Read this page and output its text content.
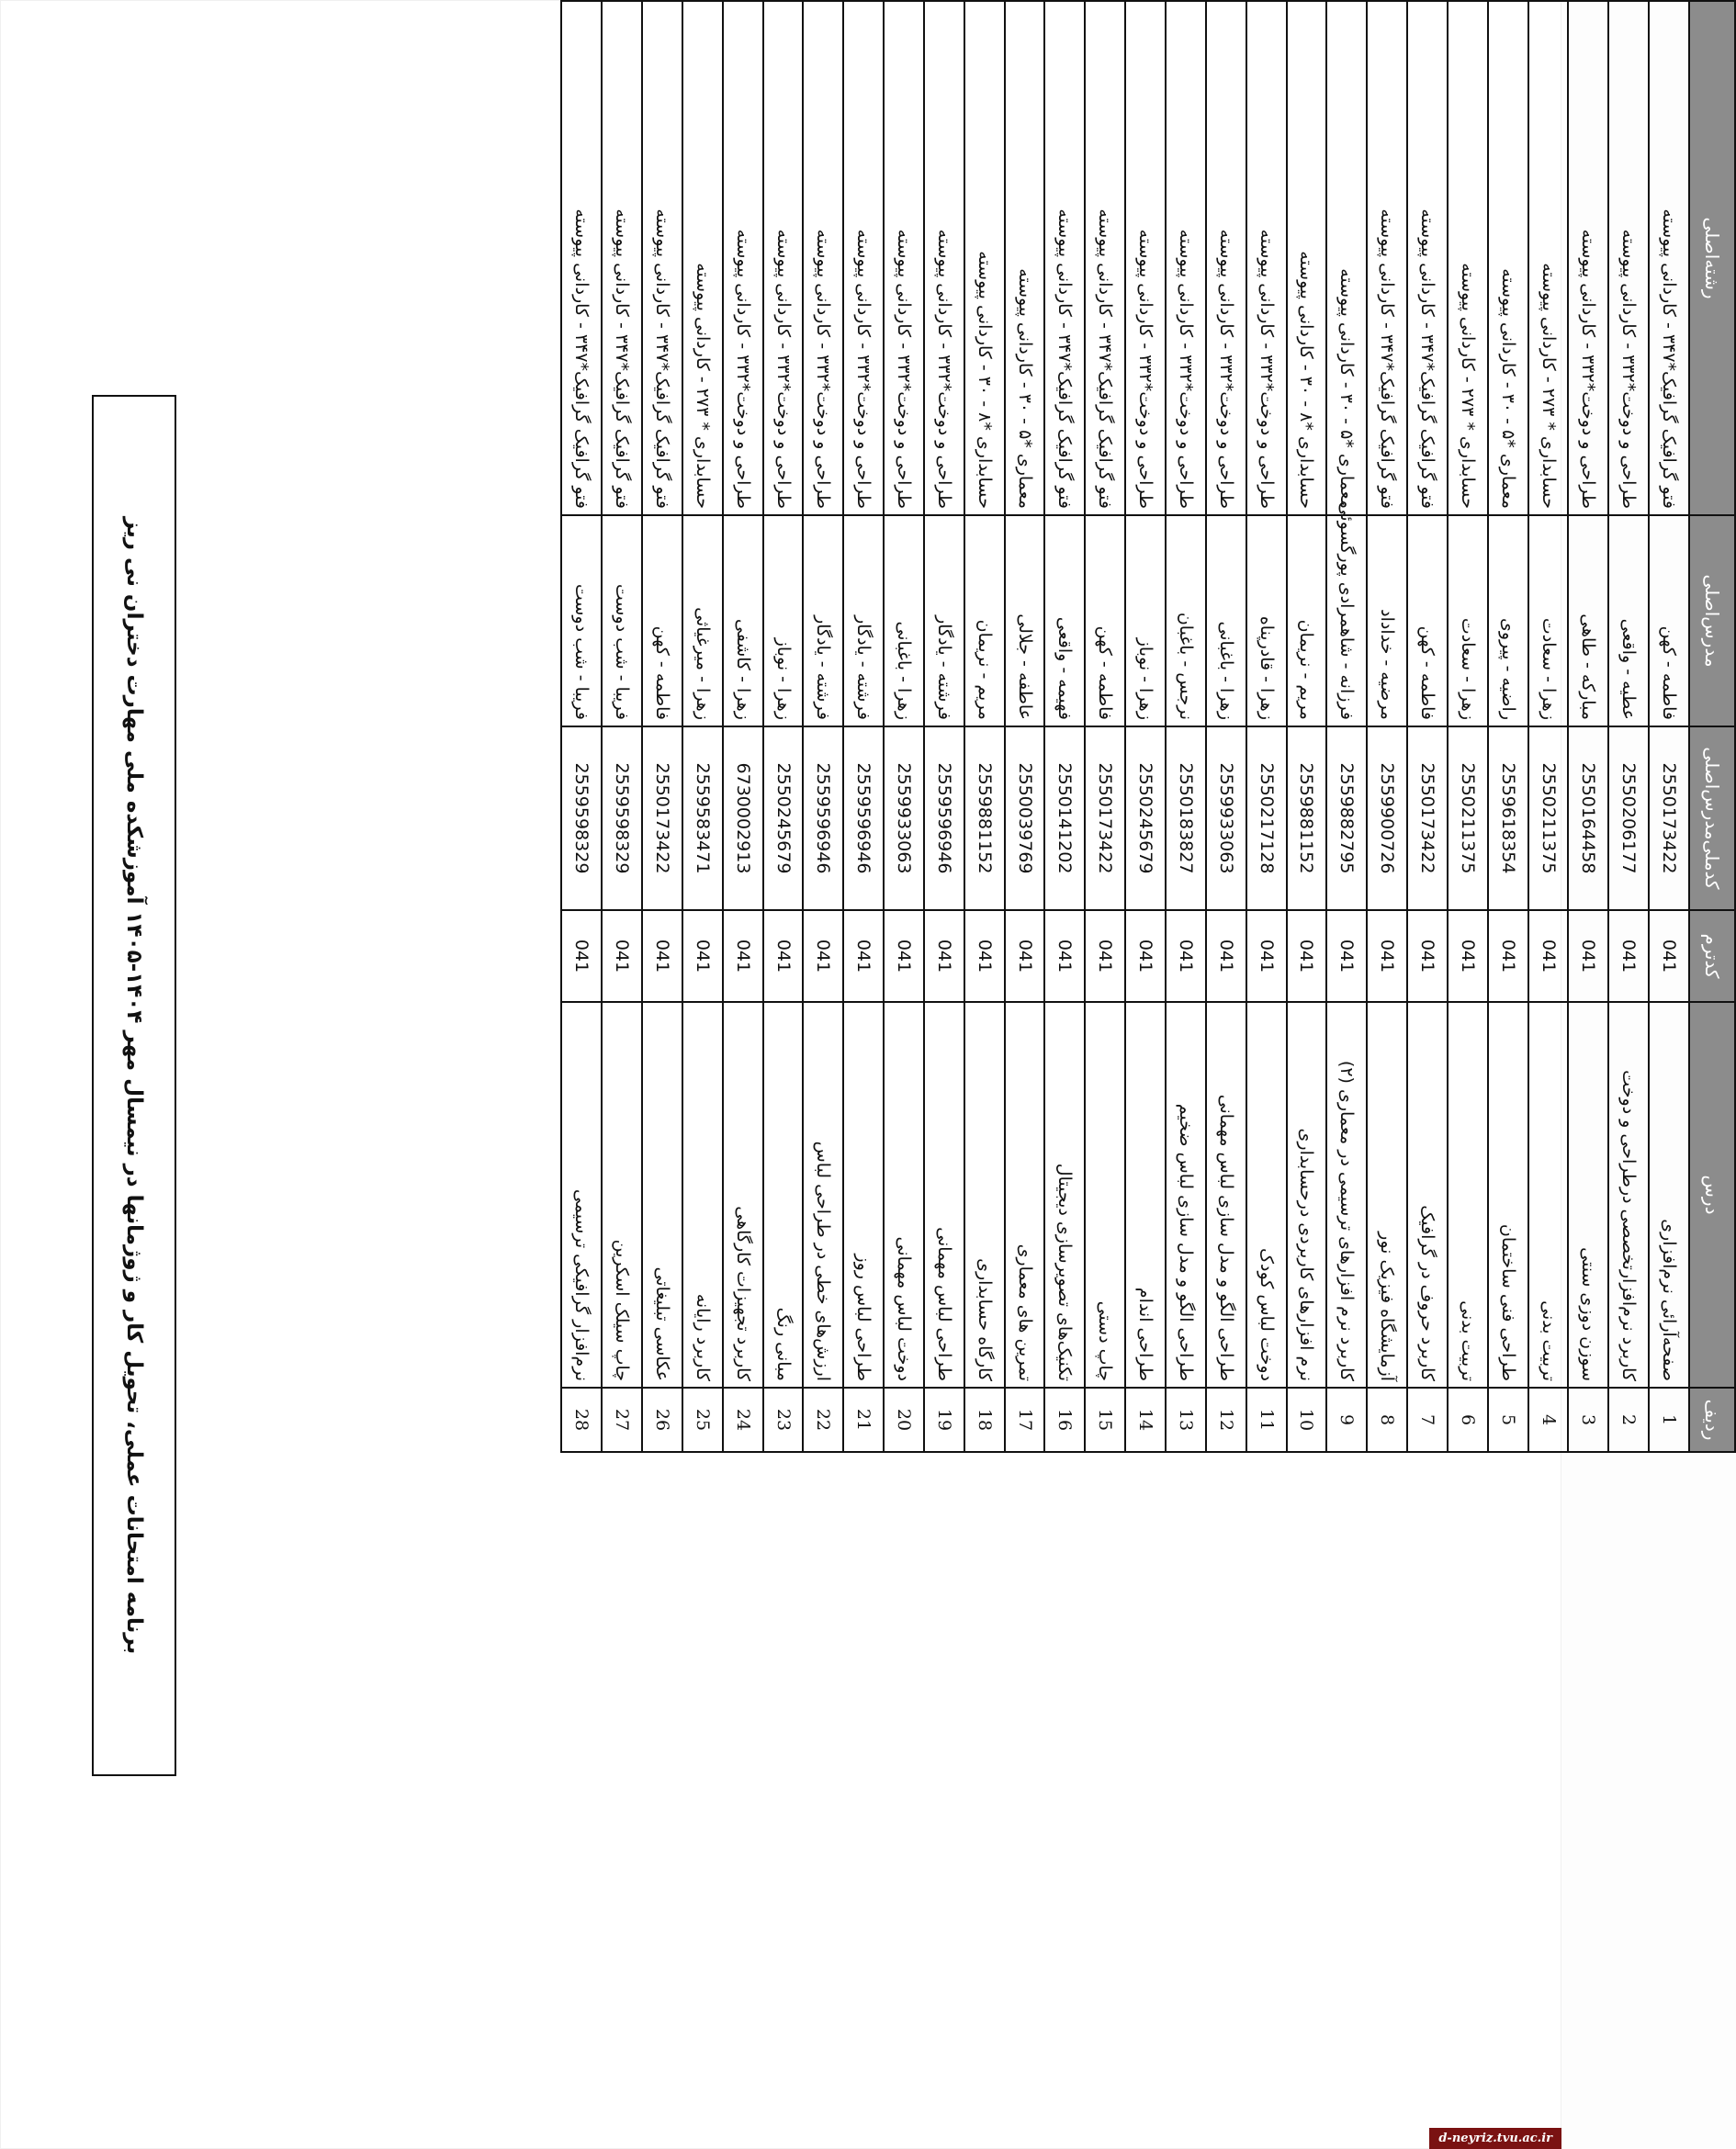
برنامه امتحانات عملی، تحویل کار و ژوژمانها در نیمسال مهر ۱۴۰۴-۱۴۰۵ آموزشکده ملی مهارت دختران نی ریز	ردیف	درس	کدترم	کدملی‌مدرس‌اصلی	مدرس‌اصلی	رشته‌اصلی	
1	صفحه‌آرائی نرم‌افزاری	041	2550173422	فاطمه - کهن	فتو گرافیک گرافیک*۳۴۷ - کاردانی پیوسته	
2	کاربرد نرم‌افزارتخصصی درطراحی و دوخت	041	2550206177	عطیه - واقعی	طراحی و دوخت*۳۳۲ - کاردانی پیوسته	
3	سوزن دوزی سنتی	041	2550164458	مبارکه - طاهی	طراحی و دوخت*۳۳۲ - کاردانی پیوسته	
4	تربیت بدنی	041	2550211375	زهرا - سعادت	حسابداری * ۲۷۳ - کاردانی پیوسته	
5	طراحی فنی ساختمان	041	2559618354	راضیه - پیروی	معماری *۵ - ۳۰ - کاردانی پیوسته	
6	تربیت بدنی	041	2550211375	زهرا - سعادت	حسابداری * ۲۷۳ - کاردانی پیوسته	
7	کاربرد حروف در گرافیک	041	2550173422	فاطمه - کهن	فتو گرافیک گرافیک*۳۴۷ - کاردانی پیوسته	
8	آزمایشگاه فیزیک نور	041	2559900726	مرضیه - خداداد	فتو گرافیک گرافیک*۳۴۷ - کاردانی پیوسته	
9	کاربرد نرم افزارهای ترسیمی در معماری (۲)	041	2559882795	فرزانه - شاهمرادی پورگسوئی	معماری *۵ - ۳۰ - کاردانی پیوسته	
10	نرم افزارهای کاربردی درحسابداری	041	2559881152	مریم - نریمان	حسابداری *۸ - ۳۰ - کاردانی پیوسته	
11	دوخت لباس کودک	041	2550217128	زهرا - قادرپناه	طراحی و دوخت*۳۳۲ - کاردانی پیوسته	
12	طراحی الگو و مدل سازی لباس مهمانی	041	2559933063	زهرا - باغبانی	طراحی و دوخت*۳۳۲ - کاردانی پیوسته	
13	طراحی الگو و مدل سازی لباس ضخیم	041	2550183827	نرجس - باغبان	طراحی و دوخت*۳۳۲ - کاردانی پیوسته	
14	طراحی اندام	041	2550245679	زهرا - نوباز	طراحی و دوخت*۳۳۲ - کاردانی پیوسته	
15	چاپ دستی	041	2550173422	فاطمه - کهن	فتو گرافیک گرافیک*۳۴۷ - کاردانی پیوسته	
16	تکنیک‌های تصویرسازی دیجیتال	041	2550141202	فهیمه - واقعی	فتو گرافیک گرافیک*۳۴۷ - کاردانی پیوسته	
17	تمرین های معماری	041	2550039769	عاطفه - جلالی	معماری *۵ - ۳۰ - کاردانی پیوسته	
18	کارگاه حسابداری	041	2559881152	مریم - نریمان	حسابداری *۸ - ۳۰ - کاردانی پیوسته	
19	طراحی لباس مهمانی	041	2559596946	فرشته - یادگار	طراحی و دوخت*۳۳۲ - کاردانی پیوسته	
20	دوخت لباس مهمانی	041	2559933063	زهرا - باغبانی	طراحی و دوخت*۳۳۲ - کاردانی پیوسته	
21	طراحی لباس روز	041	2559596946	فرشته - یادگار	طراحی و دوخت*۳۳۲ - کاردانی پیوسته	
22	ارزش‌های خطی در طراحی لباس	041	2559596946	فرشته - یادگار	طراحی و دوخت*۳۳۲ - کاردانی پیوسته	
23	مبانی رنگ	041	2550245679	زهرا - نوباز	طراحی و دوخت*۳۳۲ - کاردانی پیوسته	
24	کاربرد تجهیزات کارگاهی	041	6730002913	زهرا - کاشفی	طراحی و دوخت*۳۳۲ - کاردانی پیوسته	
25	کاربرد رایانه	041	2559583471	زهرا - میرغیاثی	حسابداری * ۲۷۳ - کاردانی پیوسته	
26	عکاسی تبلیغاتی	041	2550173422	فاطمه - کهن	فتو گرافیک گرافیک*۳۴۷ - کاردانی پیوسته	
27	چاپ سیلک اسکرین	041	2559598329	فریبا - شب دوست	فتو گرافیک گرافیک*۳۴۷ - کاردانی پیوسته	
28	نرم‌افزار گرافیکی ترسیمی	041	2559598329	فریبا - شب دوست	فتو گرافیک گرافیک*۳۴۷ - کاردانی پیوسته	
d-neyriz.tvu.ac.ir
